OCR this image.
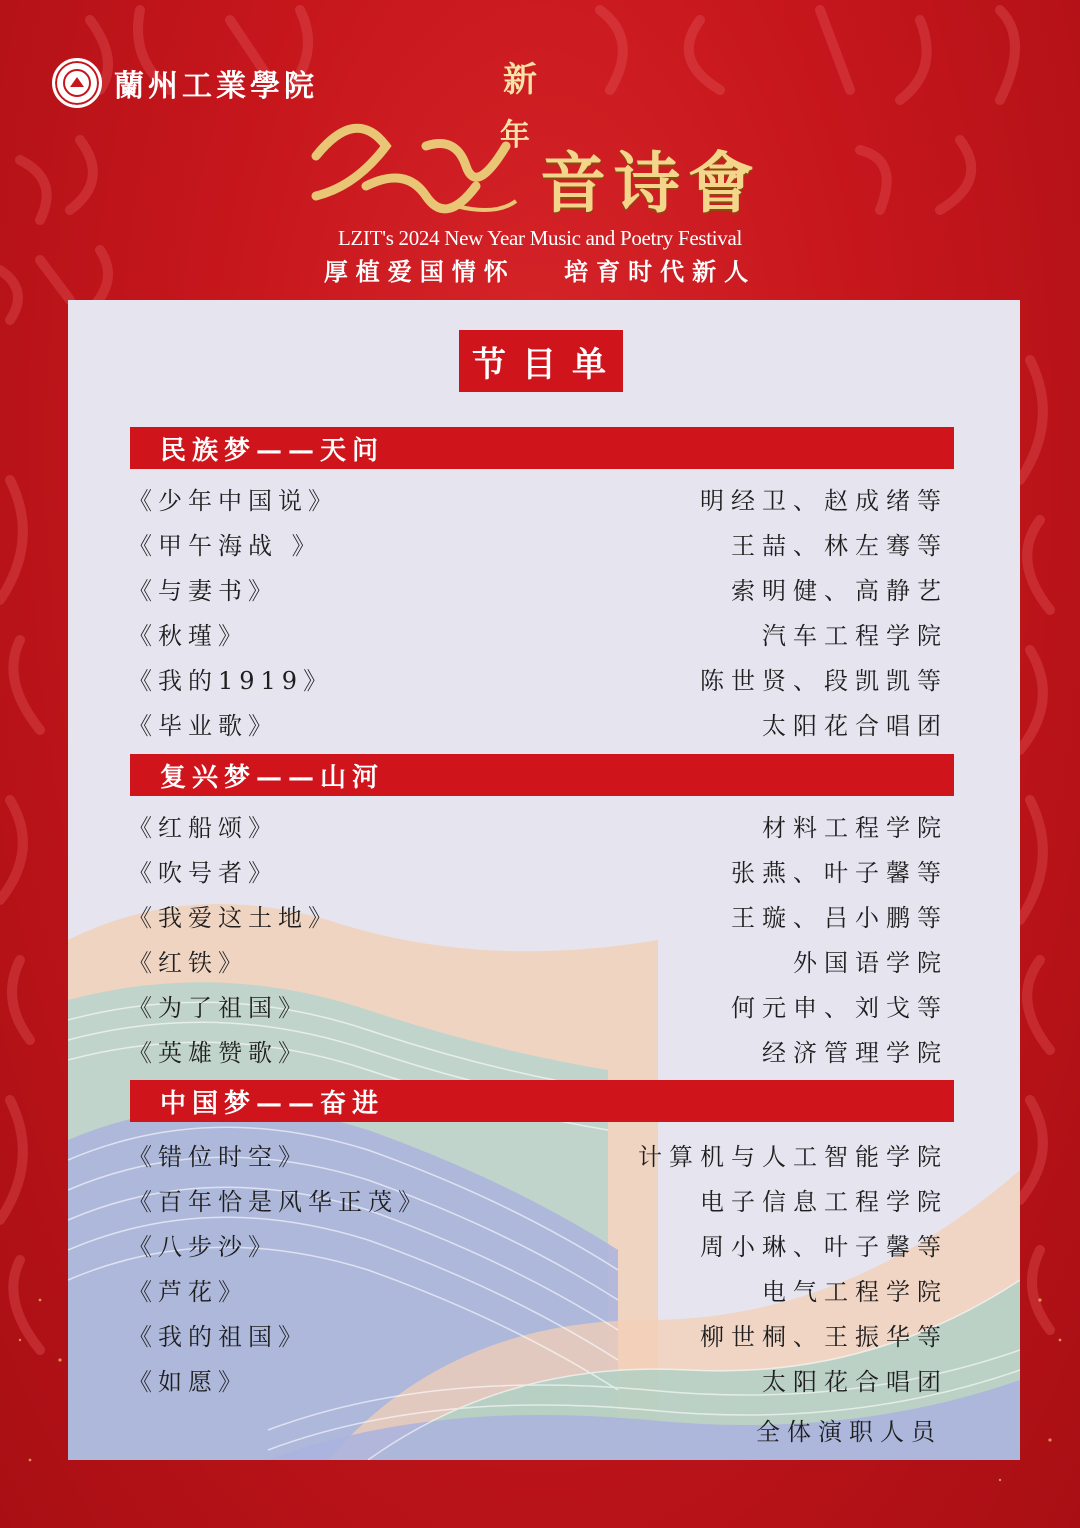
蘭州工業學院	新
年
音诗會
LZIT's 2024 New Year Music and Poetry Festival
厚植爱国情怀　 培育时代新人
节目单
民族梦——天问
《少年中国说》	明经卫、赵成绪等
《甲午海战 》	王喆、林左骞等
《与妻书》	索明健、高静艺
《秋瑾》	汽车工程学院
《我的1919》	陈世贤、段凯凯等
《毕业歌》	太阳花合唱团
复兴梦——山河
《红船颂》	材料工程学院
《吹号者》	张燕、叶子馨等
《我爱这土地》	王璇、吕小鹏等
《红铁》	外国语学院
《为了祖国》	何元申、刘戈等
《英雄赞歌》	经济管理学院
中国梦——奋进
《错位时空》	计算机与人工智能学院
《百年恰是风华正茂》	电子信息工程学院
《八步沙》	周小琳、叶子馨等
《芦花》	电气工程学院
《我的祖国》	柳世桐、王振华等
《如愿》	太阳花合唱团
全体演职人员
